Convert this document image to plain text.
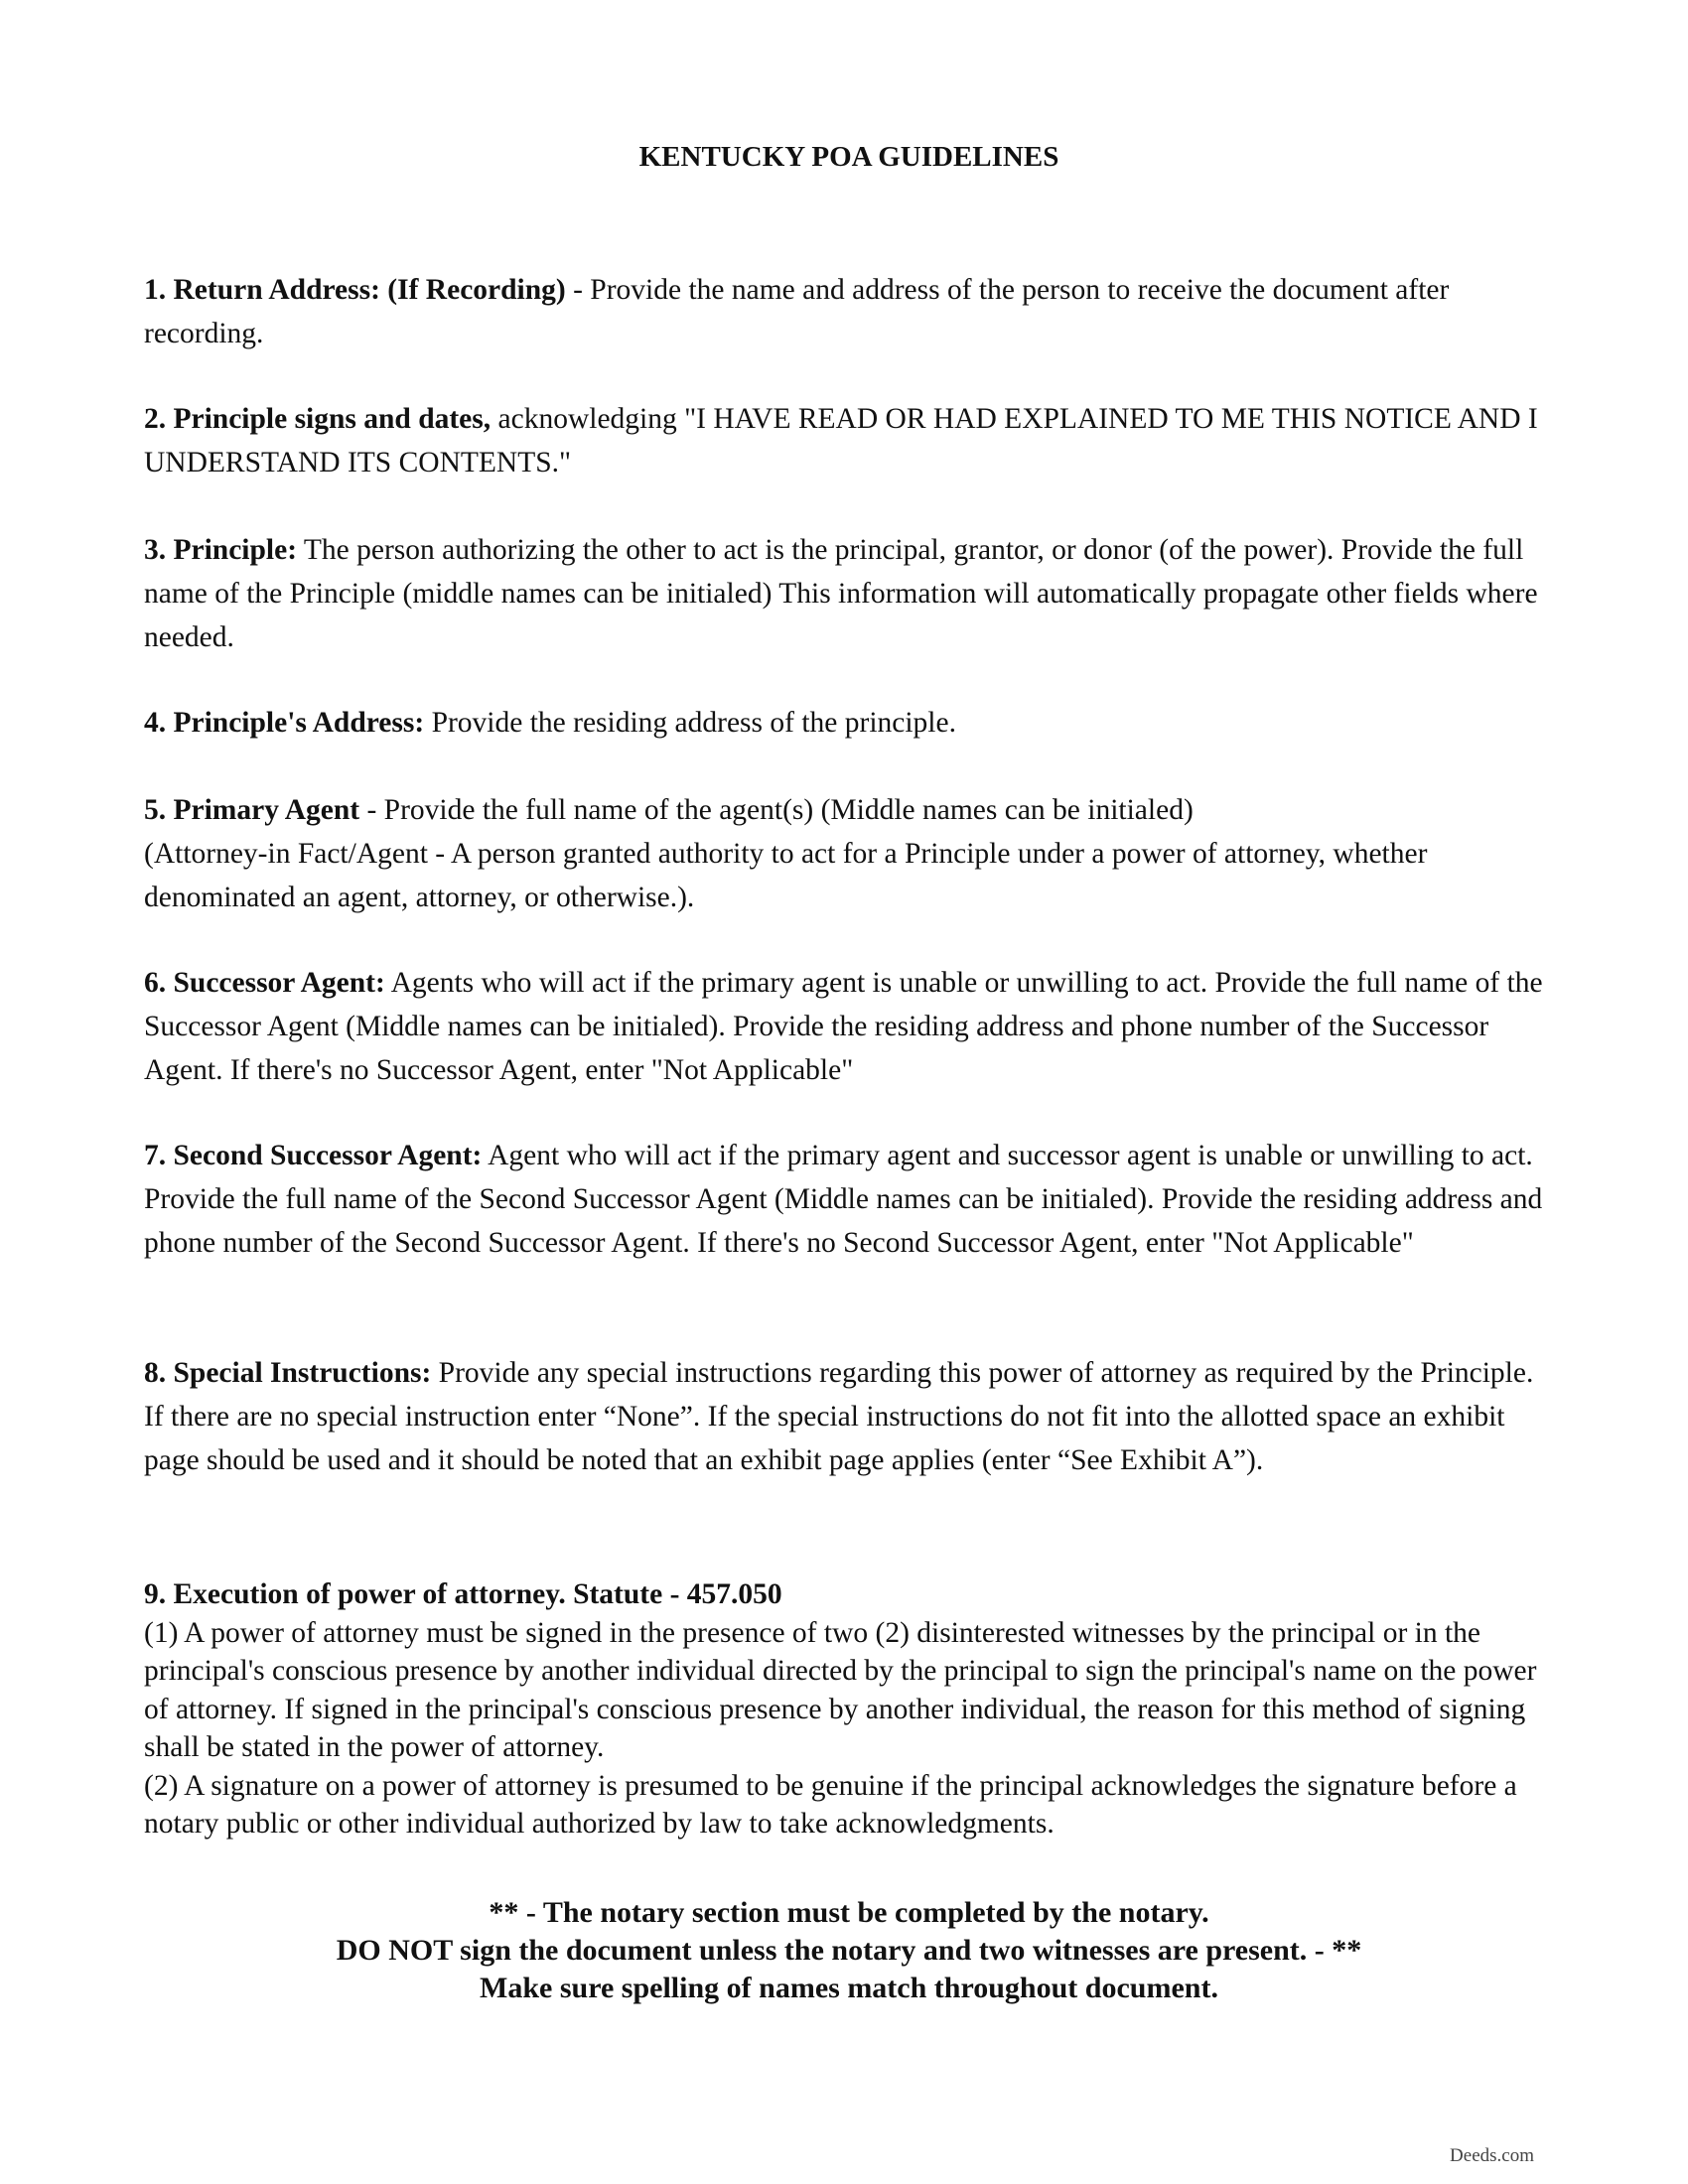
KENTUCKY POA GUIDELINES

1. Return Address: (If Recording) - Provide the name and address of the person to receive the document after recording.

2. Principle signs and dates, acknowledging "I HAVE READ OR HAD EXPLAINED TO ME THIS NOTICE AND I UNDERSTAND ITS CONTENTS."

3. Principle: The person authorizing the other to act is the principal, grantor, or donor (of the power). Provide the full name of the Principle (middle names can be initialed) This information will automatically propagate other fields where needed.

4. Principle's Address: Provide the residing address of the principle.

5. Primary Agent - Provide the full name of the agent(s) (Middle names can be initialed)
(Attorney-in Fact/Agent - A person granted authority to act for a Principle under a power of attorney, whether denominated an agent, attorney, or otherwise.).

6. Successor Agent: Agents who will act if the primary agent is unable or unwilling to act. Provide the full name of the Successor Agent (Middle names can be initialed). Provide the residing address and phone number of the Successor Agent. If there's no Successor Agent, enter "Not Applicable"

7. Second Successor Agent: Agent who will act if the primary agent and successor agent is unable or unwilling to act. Provide the full name of the Second Successor Agent (Middle names can be initialed). Provide the residing address and phone number of the Second Successor Agent. If there's no Second Successor Agent, enter "Not Applicable"

8. Special Instructions: Provide any special instructions regarding this power of attorney as required by the Principle. If there are no special instruction enter “None”. If the special instructions do not fit into the allotted space an exhibit page should be used and it should be noted that an exhibit page applies (enter “See Exhibit A”).

9. Execution of power of attorney. Statute - 457.050
(1) A power of attorney must be signed in the presence of two (2) disinterested witnesses by the principal or in the principal's conscious presence by another individual directed by the principal to sign the principal's name on the power of attorney. If signed in the principal's conscious presence by another individual, the reason for this method of signing shall be stated in the power of attorney.
(2) A signature on a power of attorney is presumed to be genuine if the principal acknowledges the signature before a notary public or other individual authorized by law to take acknowledgments.
** - The notary section must be completed by the notary.
DO NOT sign the document unless the notary and two witnesses are present. - **
Make sure spelling of names match throughout document.
Deeds.com
